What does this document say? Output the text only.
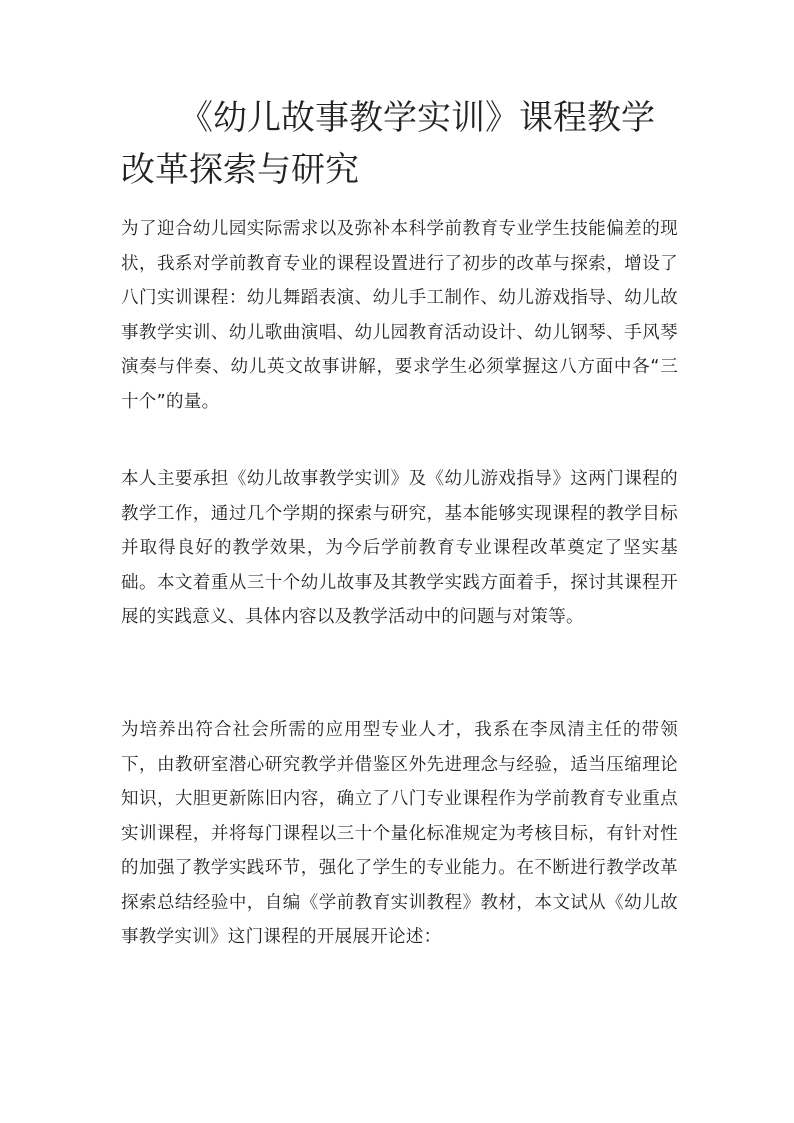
《幼儿故事教学实训》课程教学改革探索与研究

为了迎合幼儿园实际需求以及弥补本科学前教育专业学生技能偏差的现状，我系对学前教育专业的课程设置进行了初步的改革与探索，增设了八门实训课程：幼儿舞蹈表演、幼儿手工制作、幼儿游戏指导、幼儿故事教学实训、幼儿歌曲演唱、幼儿园教育活动设计、幼儿钢琴、手风琴演奏与伴奏、幼儿英文故事讲解，要求学生必须掌握这八方面中各“三十个”的量。

本人主要承担《幼儿故事教学实训》及《幼儿游戏指导》这两门课程的教学工作，通过几个学期的探索与研究，基本能够实现课程的教学目标并取得良好的教学效果，为今后学前教育专业课程改革奠定了坚实基础。本文着重从三十个幼儿故事及其教学实践方面着手，探讨其课程开展的实践意义、具体内容以及教学活动中的问题与对策等。

为培养出符合社会所需的应用型专业人才，我系在李凤清主任的带领下，由教研室潜心研究教学并借鉴区外先进理念与经验，适当压缩理论知识，大胆更新陈旧内容，确立了八门专业课程作为学前教育专业重点实训课程，并将每门课程以三十个量化标准规定为考核目标，有针对性的加强了教学实践环节，强化了学生的专业能力。在不断进行教学改革探索总结经验中，自编《学前教育实训教程》教材，本文试从《幼儿故事教学实训》这门课程的开展展开论述：
